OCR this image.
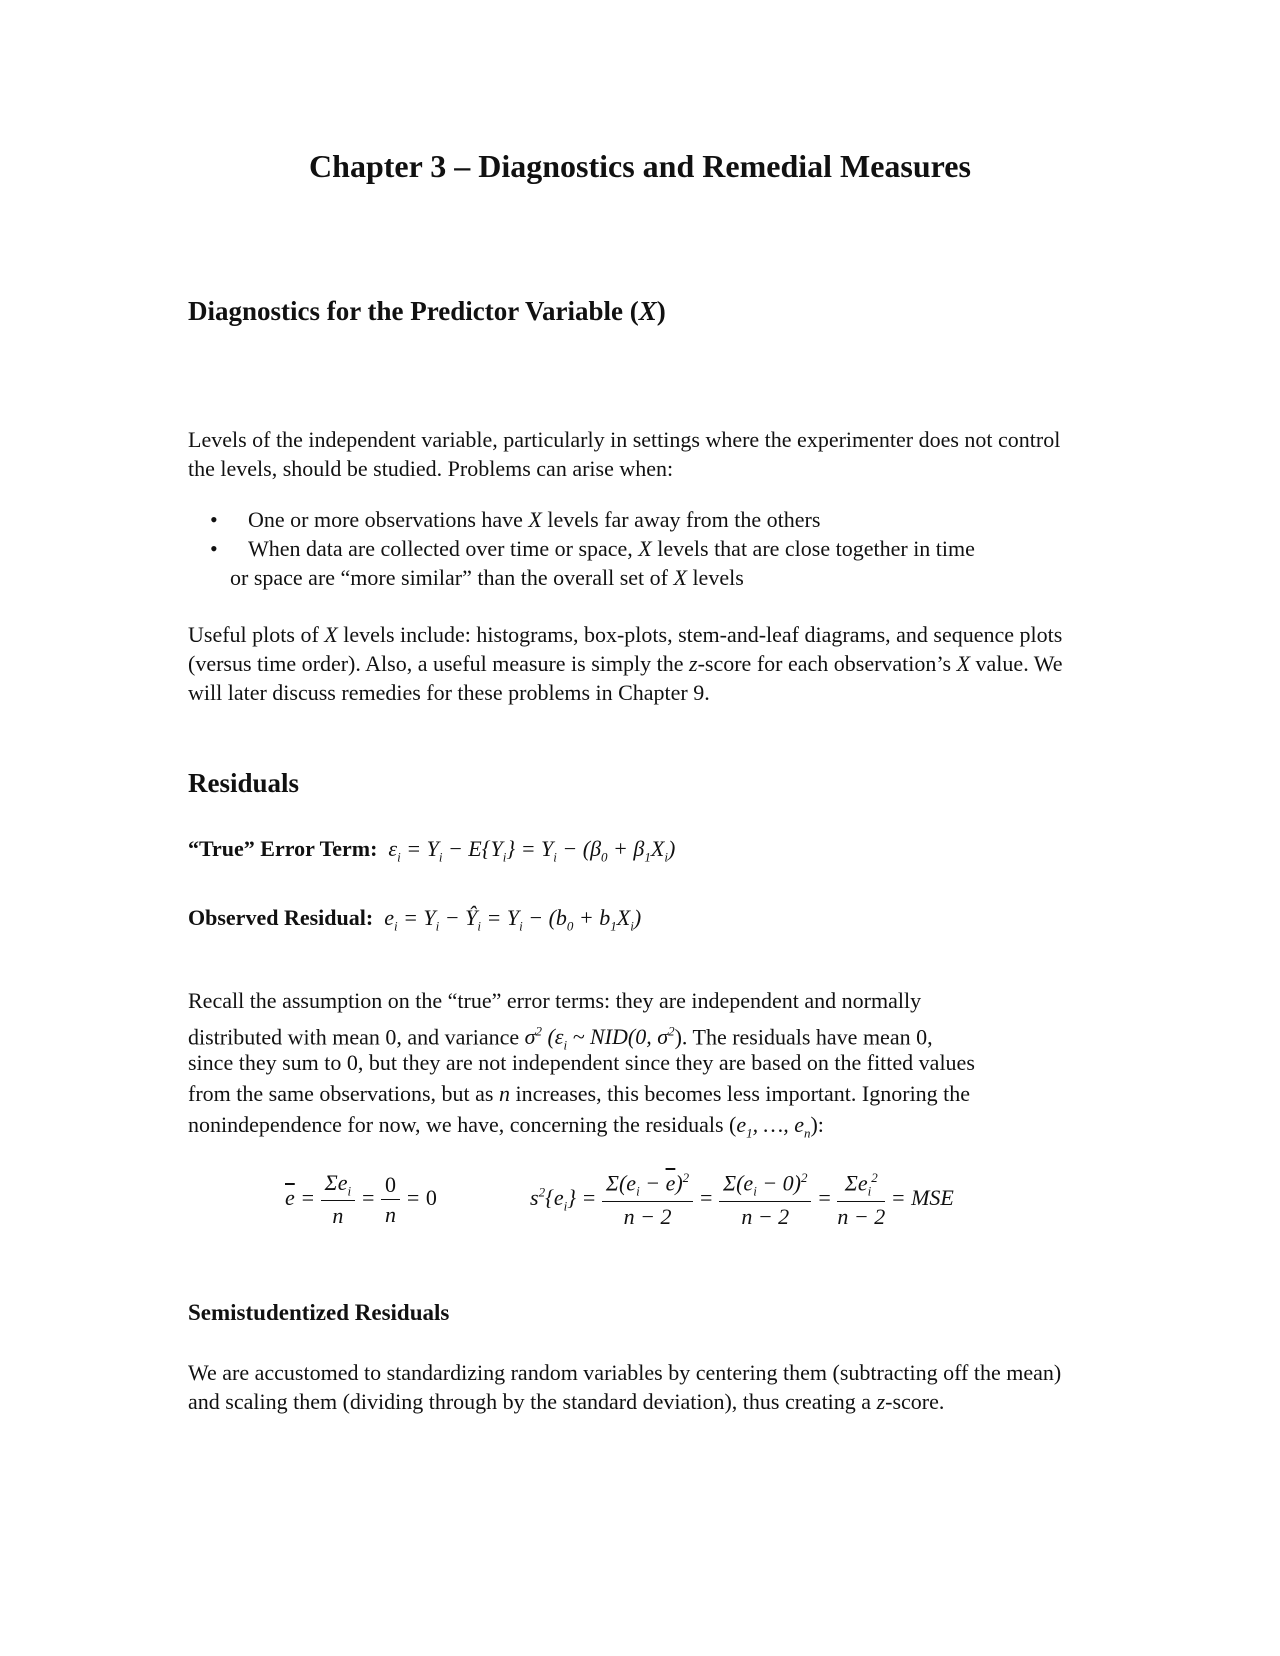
Chapter 3 – Diagnostics and Remedial Measures
Diagnostics for the Predictor Variable (X)
Levels of the independent variable, particularly in settings where the experimenter does not control the levels, should be studied. Problems can arise when:
• One or more observations have X levels far away from the others
• When data are collected over time or space, X levels that are close together in time
or space are “more similar” than the overall set of X levels
Useful plots of X levels include: histograms, box-plots, stem-and-leaf diagrams, and sequence plots (versus time order). Also, a useful measure is simply the z-score for each observation’s X value. We will later discuss remedies for these problems in Chapter 9.
Residuals
“True” Error Term:  $\varepsilon_i = Y_i - E\{Y_i\} = Y_i - (\beta_0 + \beta_1X_i)$
Observed Residual:  $e_i = Y_i$ − $Ŷ_i = Y_i - (b_0 + b_1X_i)$
Recall the assumption on the “true” error terms: they are independent and normally
distributed with mean 0, and variance $\sigma^2$ ($\varepsilon_i$ ~ NID(0, $\sigma^2$). The residuals have mean 0,
since they sum to 0, but they are not independent since they are based on the fitted values
from the same observations, but as n increases, this becomes less important. Ignoring the
nonindependence for now, we have, concerning the residuals ($e_1$, …, $e_n$):
$\overline{e} = \frac{\Sigma e_i}{n} = \frac{0}{n} = 0$	$s^2\{e_i\} = \frac{\Sigma(e_i - \overline{e})^2}{n - 2} = \frac{\Sigma(e_i - 0)^2}{n - 2} = \frac{\Sigma e_i^2}{n - 2}$ = MSE
Semistudentized Residuals
We are accustomed to standardizing random variables by centering them (subtracting off the mean) and scaling them (dividing through by the standard deviation), thus creating a z-score.
